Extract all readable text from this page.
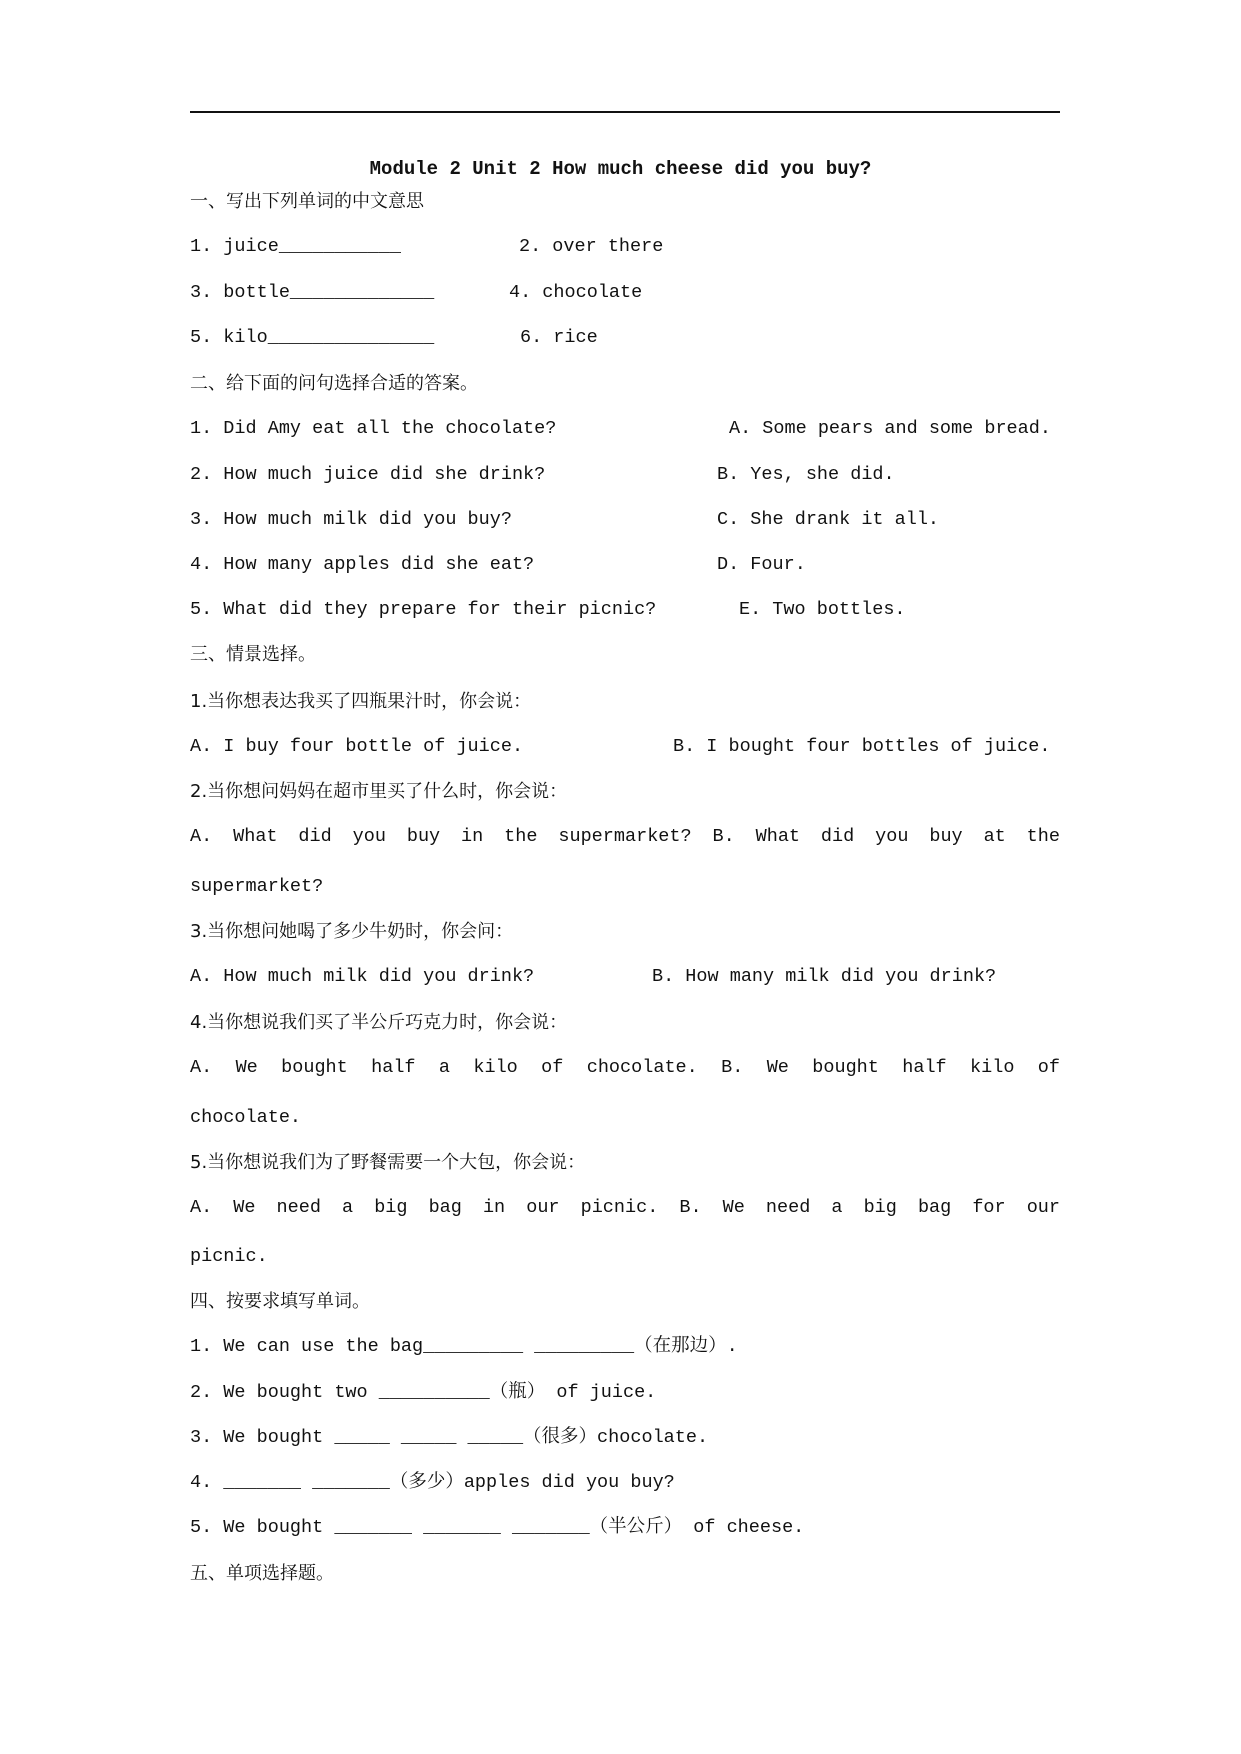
Module 2 Unit 2 How much cheese did you buy?
一、写出下列单词的中文意思
1. juice___________	2. over there
3. bottle_____________	4. chocolate
5. kilo_______________	6. rice
二、给下面的问句选择合适的答案。
1. Did Amy eat all the chocolate?	A. Some pears and some bread.
2. How much juice did she drink?	B. Yes, she did.
3. How much milk did you buy?	C. She drank it all.
4. How many apples did she eat?	D. Four.
5. What did they prepare for their picnic?	E. Two bottles.
三、情景选择。
1.当你想表达我买了四瓶果汁时，你会说：
A. I buy four bottle of juice.	B. I bought four bottles of juice.
2.当你想问妈妈在超市里买了什么时，你会说：
A. What did you buy in the supermarket? B. What did you buy at the
supermarket?
3.当你想问她喝了多少牛奶时，你会问：
A. How much milk did you drink?	B. How many milk did you drink?
4.当你想说我们买了半公斤巧克力时，你会说：
A. We bought half a kilo of chocolate. B. We bought half kilo of
chocolate.
5.当你想说我们为了野餐需要一个大包，你会说：
A. We need a big bag in our picnic. B. We need a big bag for our
picnic.
四、按要求填写单词。
1. We can use the bag_________ _________（在那边）.
2. We bought two __________（瓶） of juice.
3. We bought _____ _____ _____（很多）chocolate.
4. _______ _______（多少）apples did you buy?
5. We bought _______ _______ _______（半公斤） of cheese.
五、单项选择题。
